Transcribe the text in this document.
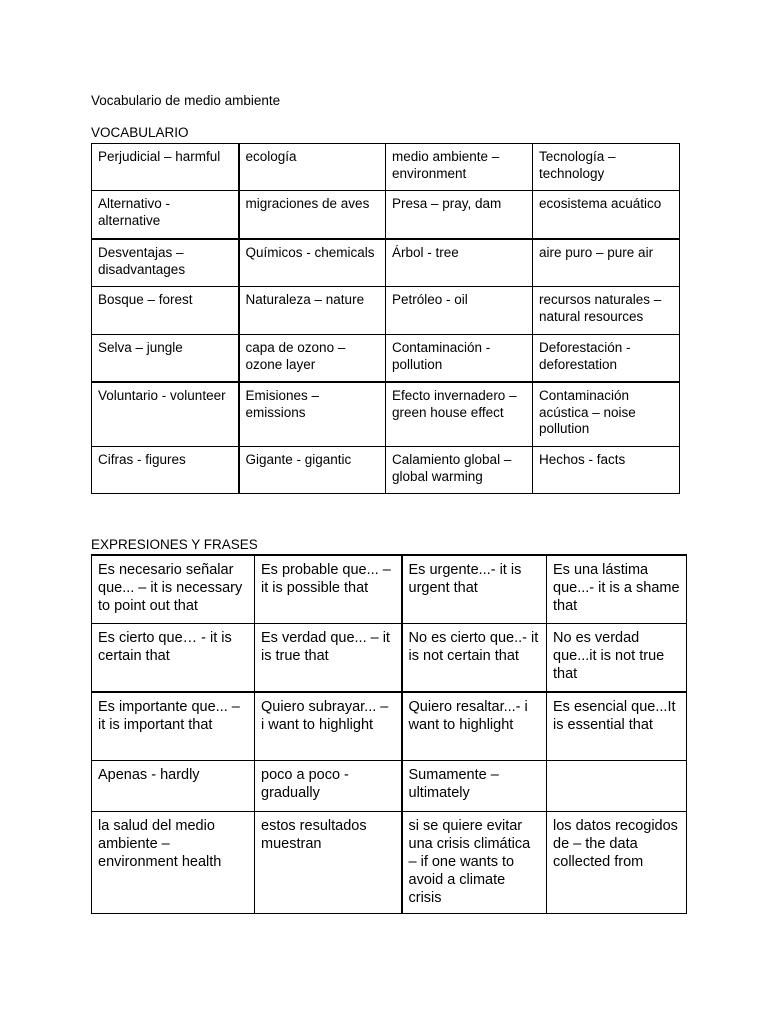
Vocabulario de medio ambiente
VOCABULARIO
Perjudicial – harmful	ecología	medio ambiente – environment	Tecnología – technology

Alternativo - alternative	migraciones de aves	Presa – pray, dam	ecosistema acuático

Desventajas – disadvantages	Químicos - chemicals	Árbol - tree	aire puro – pure air

Bosque – forest	Naturaleza – nature	Petróleo - oil	recursos naturales – natural resources

Selva – jungle	capa de ozono – ozone layer	Contaminación - pollution	Deforestación - deforestation

Voluntario - volunteer	Emisiones – emissions	Efecto invernadero – green house effect	Contaminación acústica – noise pollution

Cifras - figures	Gigante - gigantic	Calamiento global – global warming	Hechos - facts
EXPRESIONES Y FRASES
Es necesario señalar que... – it is necessary to point out that	Es probable que... – it is possible that	Es urgente...- it is urgent that	Es una lástima que...- it is a shame that

Es cierto que… - it is certain that	Es verdad que... – it is true that	No es cierto que..- it is not certain that	No es verdad que...it is not true that

Es importante que... – it is important that	Quiero subrayar... – i want to highlight	Quiero resaltar...- i want to highlight	Es esencial que...It is essential that

Apenas - hardly	poco a poco - gradually	Sumamente – ultimately	

la salud del medio ambiente – environment health	estos resultados muestran	si se quiere evitar una crisis climática – if one wants to avoid a climate crisis	los datos recogidos de – the data collected from
